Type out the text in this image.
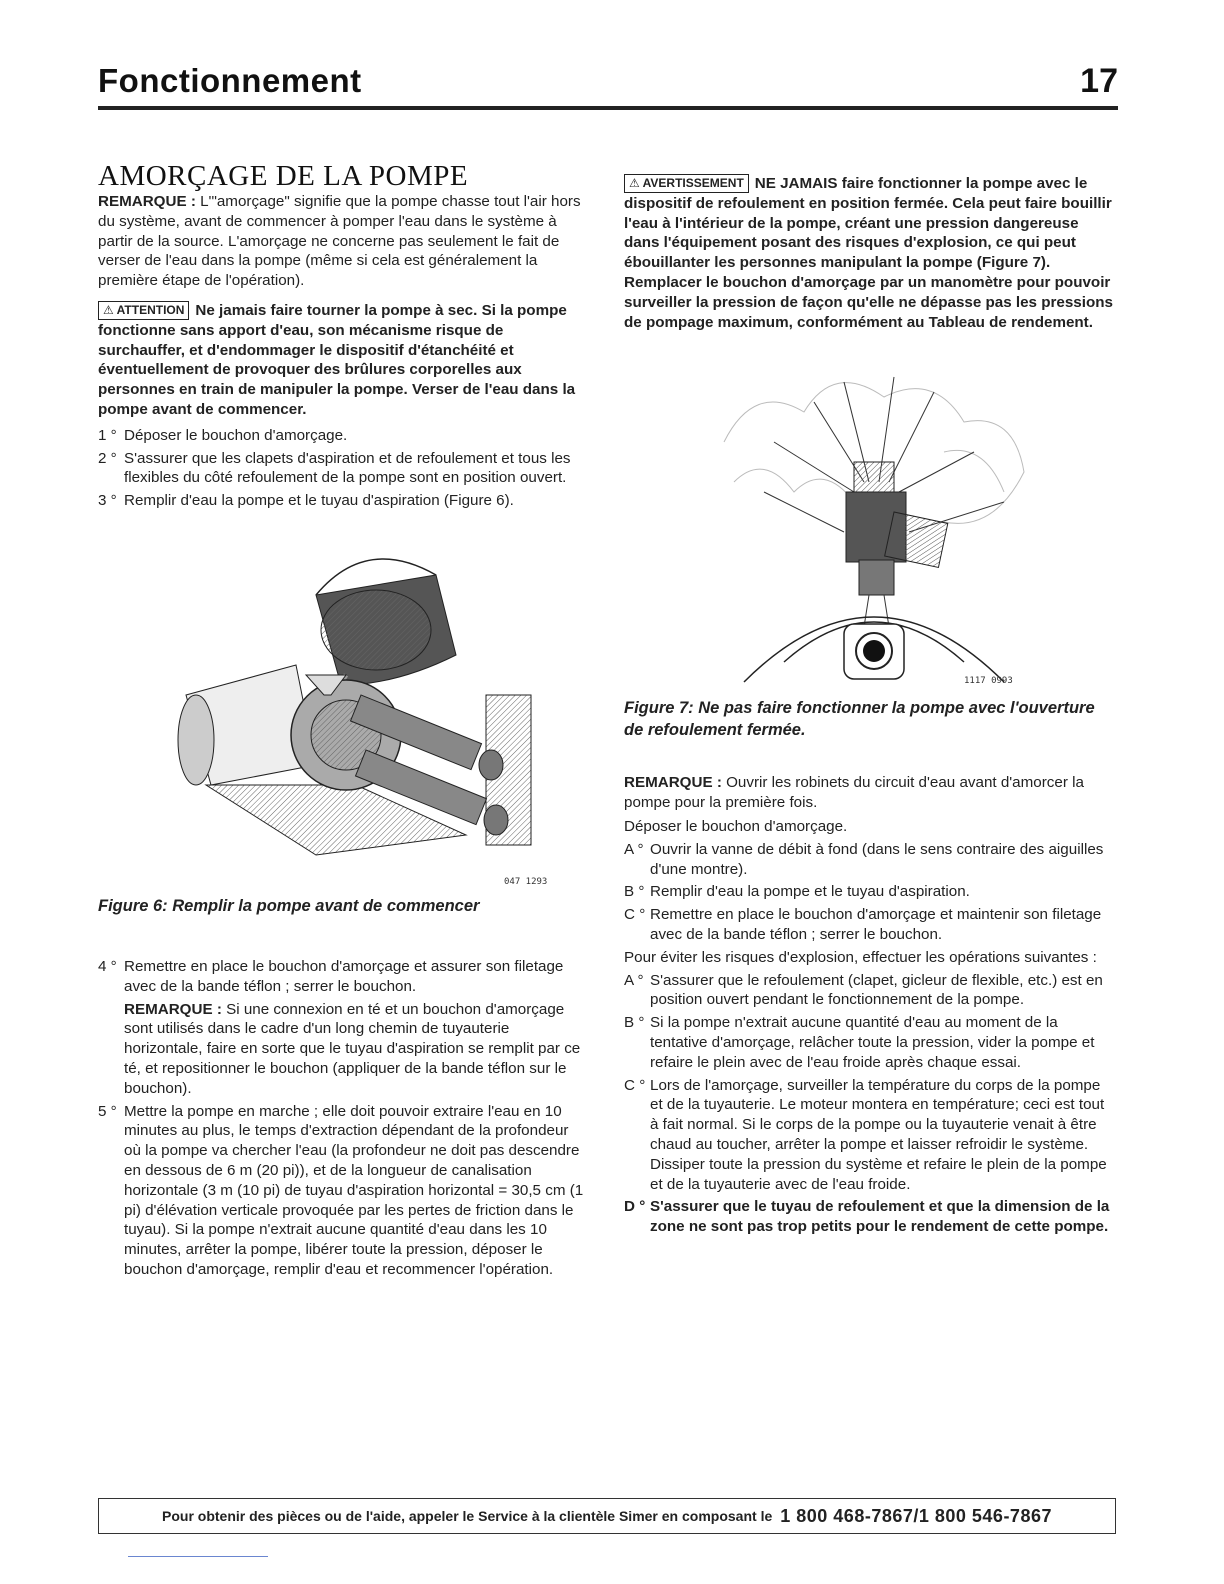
Fonctionnement	17
AMORÇAGE DE LA POMPE

REMARQUE : L'"amorçage" signifie que la pompe chasse tout l'air hors du système, avant de commencer à pomper l'eau dans le système à partir de la source. L'amorçage ne concerne pas seulement le fait de verser de l'eau dans la pompe (même si cela est généralement la première étape de l'opération).

⚠ ATTENTION Ne jamais faire tourner la pompe à sec. Si la pompe fonctionne sans apport d'eau, son mécanisme risque de surchauffer, et d'endommager le dispositif d'étanchéité et éventuellement de provoquer des brûlures corporelles aux personnes en train de manipuler la pompe. Verser de l'eau dans la pompe avant de commencer.

1 ° Déposer le bouchon d'amorçage.
2 ° S'assurer que les clapets d'aspiration et de refoulement et tous les flexibles du côté refoulement de la pompe sont en position ouvert.
3 ° Remplir d'eau la pompe et le tuyau d'aspiration (Figure 6).
047 1293
Figure 6: Remplir la pompe avant de commencer
4 ° Remettre en place le bouchon d'amorçage et assurer son filetage avec de la bande téflon ; serrer le bouchon.

REMARQUE : Si une connexion en té et un bouchon d'amorçage sont utilisés dans le cadre d'un long chemin de tuyauterie horizontale, faire en sorte que le tuyau d'aspiration se remplit par ce té, et repositionner le bouchon (appliquer de la bande téflon sur le bouchon).

5 ° Mettre la pompe en marche ; elle doit pouvoir extraire l'eau en 10 minutes au plus, le temps d'extraction dépendant de la profondeur où la pompe va chercher l'eau (la profondeur ne doit pas descendre en dessous de 6 m (20 pi)), et de la longueur de canalisation horizontale (3 m (10 pi) de tuyau d'aspiration horizontal = 30,5 cm (1 pi) d'élévation verticale provoquée par les pertes de friction dans le tuyau). Si la pompe n'extrait aucune quantité d'eau dans les 10 minutes, arrêter la pompe, libérer toute la pression, déposer le bouchon d'amorçage, remplir d'eau et recommencer l'opération.

⚠ AVERTISSEMENT NE JAMAIS faire fonctionner la pompe avec le dispositif de refoulement en position fermée. Cela peut faire bouillir l'eau à l'intérieur de la pompe, créant une pression dangereuse dans l'équipement posant des risques d'explosion, ce qui peut ébouillanter les personnes manipulant la pompe (Figure 7). Remplacer le bouchon d'amorçage par un manomètre pour pouvoir surveiller la pression de façon qu'elle ne dépasse pas les pressions de pompage maximum, conformément au Tableau de rendement.

1117 0993
Figure 7: Ne pas faire fonctionner la pompe avec l'ouverture de refoulement fermée.

REMARQUE : Ouvrir les robinets du circuit d'eau avant d'amorcer la pompe pour la première fois.

Déposer le bouchon d'amorçage.

A ° Ouvrir la vanne de débit à fond (dans le sens contraire des aiguilles d'une montre).
B ° Remplir d'eau la pompe et le tuyau d'aspiration.
C ° Remettre en place le bouchon d'amorçage et maintenir son filetage avec de la bande téflon ; serrer le bouchon.

Pour éviter les risques d'explosion, effectuer les opérations suivantes :

A ° S'assurer que le refoulement (clapet, gicleur de flexible, etc.) est en position ouvert pendant le fonctionnement de la pompe.
B ° Si la pompe n'extrait aucune quantité d'eau au moment de la tentative d'amorçage, relâcher toute la pression, vider la pompe et refaire le plein avec de l'eau froide après chaque essai.
C ° Lors de l'amorçage, surveiller la température du corps de la pompe et de la tuyauterie. Le moteur montera en température; ceci est tout à fait normal. Si le corps de la pompe ou la tuyauterie venait à être chaud au toucher, arrêter la pompe et laisser refroidir le système. Dissiper toute la pression du système et refaire le plein de la pompe et de la tuyauterie avec de l'eau froide.
D ° S'assurer que le tuyau de refoulement et que la dimension de la zone ne sont pas trop petits pour le rendement de cette pompe.
Pour obtenir des pièces ou de l'aide, appeler le Service à la clientèle Simer en composant le 1 800 468-7867/1 800 546-7867
